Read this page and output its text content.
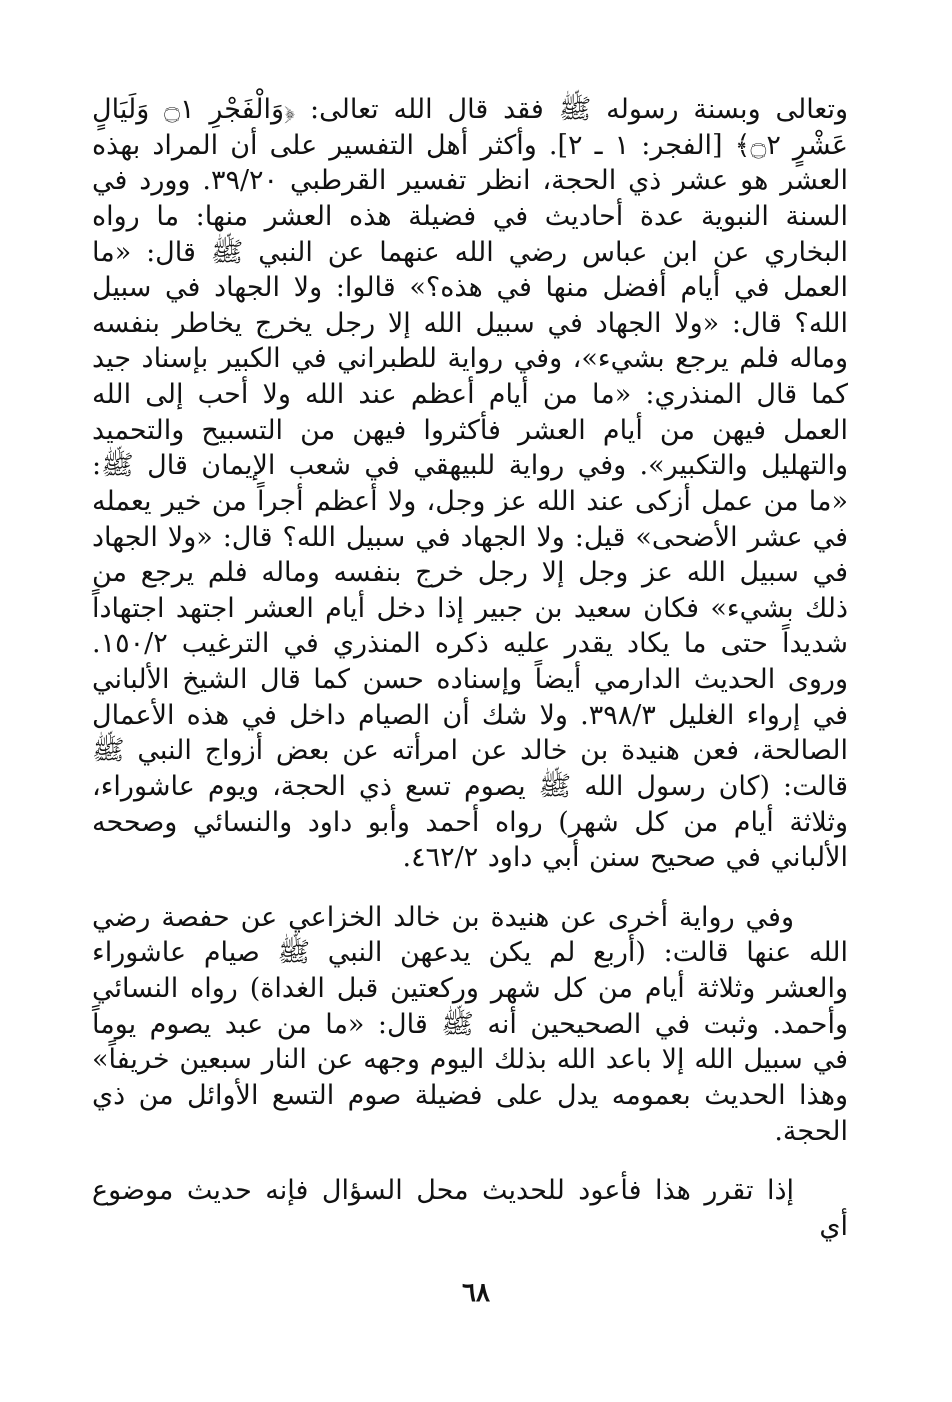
وتعالى وبسنة رسوله ﷺ فقد قال الله تعالى: ﴿وَالْفَجْرِ ۝١ وَلَيَالٍ عَشْرٍ ۝٢﴾ [الفجر: ١ ـ ٢]. وأكثر أهل التفسير على أن المراد بهذه العشر هو عشر ذي الحجة، انظر تفسير القرطبي ٣٩/٢٠. وورد في السنة النبوية عدة أحاديث في فضيلة هذه العشر منها: ما رواه البخاري عن ابن عباس رضي الله عنهما عن النبي ﷺ قال: «ما العمل في أيام أفضل منها في هذه؟» قالوا: ولا الجهاد في سبيل الله؟ قال: «ولا الجهاد في سبيل الله إلا رجل يخرج يخاطر بنفسه وماله فلم يرجع بشيء»، وفي رواية للطبراني في الكبير بإسناد جيد كما قال المنذري: «ما من أيام أعظم عند الله ولا أحب إلى الله العمل فيهن من أيام العشر فأكثروا فيهن من التسبيح والتحميد والتهليل والتكبير». وفي رواية للبيهقي في شعب الإيمان قال ﷺ: «ما من عمل أزكى عند الله عز وجل، ولا أعظم أجراً من خير يعمله في عشر الأضحى» قيل: ولا الجهاد في سبيل الله؟ قال: «ولا الجهاد في سبيل الله عز وجل إلا رجل خرج بنفسه وماله فلم يرجع من ذلك بشيء» فكان سعيد بن جبير إذا دخل أيام العشر اجتهد اجتهاداً شديداً حتى ما يكاد يقدر عليه ذكره المنذري في الترغيب ١٥٠/٢. وروى الحديث الدارمي أيضاً وإسناده حسن كما قال الشيخ الألباني في إرواء الغليل ٣٩٨/٣. ولا شك أن الصيام داخل في هذه الأعمال الصالحة، فعن هنيدة بن خالد عن امرأته عن بعض أزواج النبي ﷺ قالت: (كان رسول الله ﷺ يصوم تسع ذي الحجة، ويوم عاشوراء، وثلاثة أيام من كل شهر) رواه أحمد وأبو داود والنسائي وصححه الألباني في صحيح سنن أبي داود ٤٦٢/٢.

وفي رواية أخرى عن هنيدة بن خالد الخزاعي عن حفصة رضي الله عنها قالت: (أربع لم يكن يدعهن النبي ﷺ صيام عاشوراء والعشر وثلاثة أيام من كل شهر وركعتين قبل الغداة) رواه النسائي وأحمد. وثبت في الصحيحين أنه ﷺ قال: «ما من عبد يصوم يوماً في سبيل الله إلا باعد الله بذلك اليوم وجهه عن النار سبعين خريفاً» وهذا الحديث بعمومه يدل على فضيلة صوم التسع الأوائل من ذي الحجة.

إذا تقرر هذا فأعود للحديث محل السؤال فإنه حديث موضوع أي

٦٨
